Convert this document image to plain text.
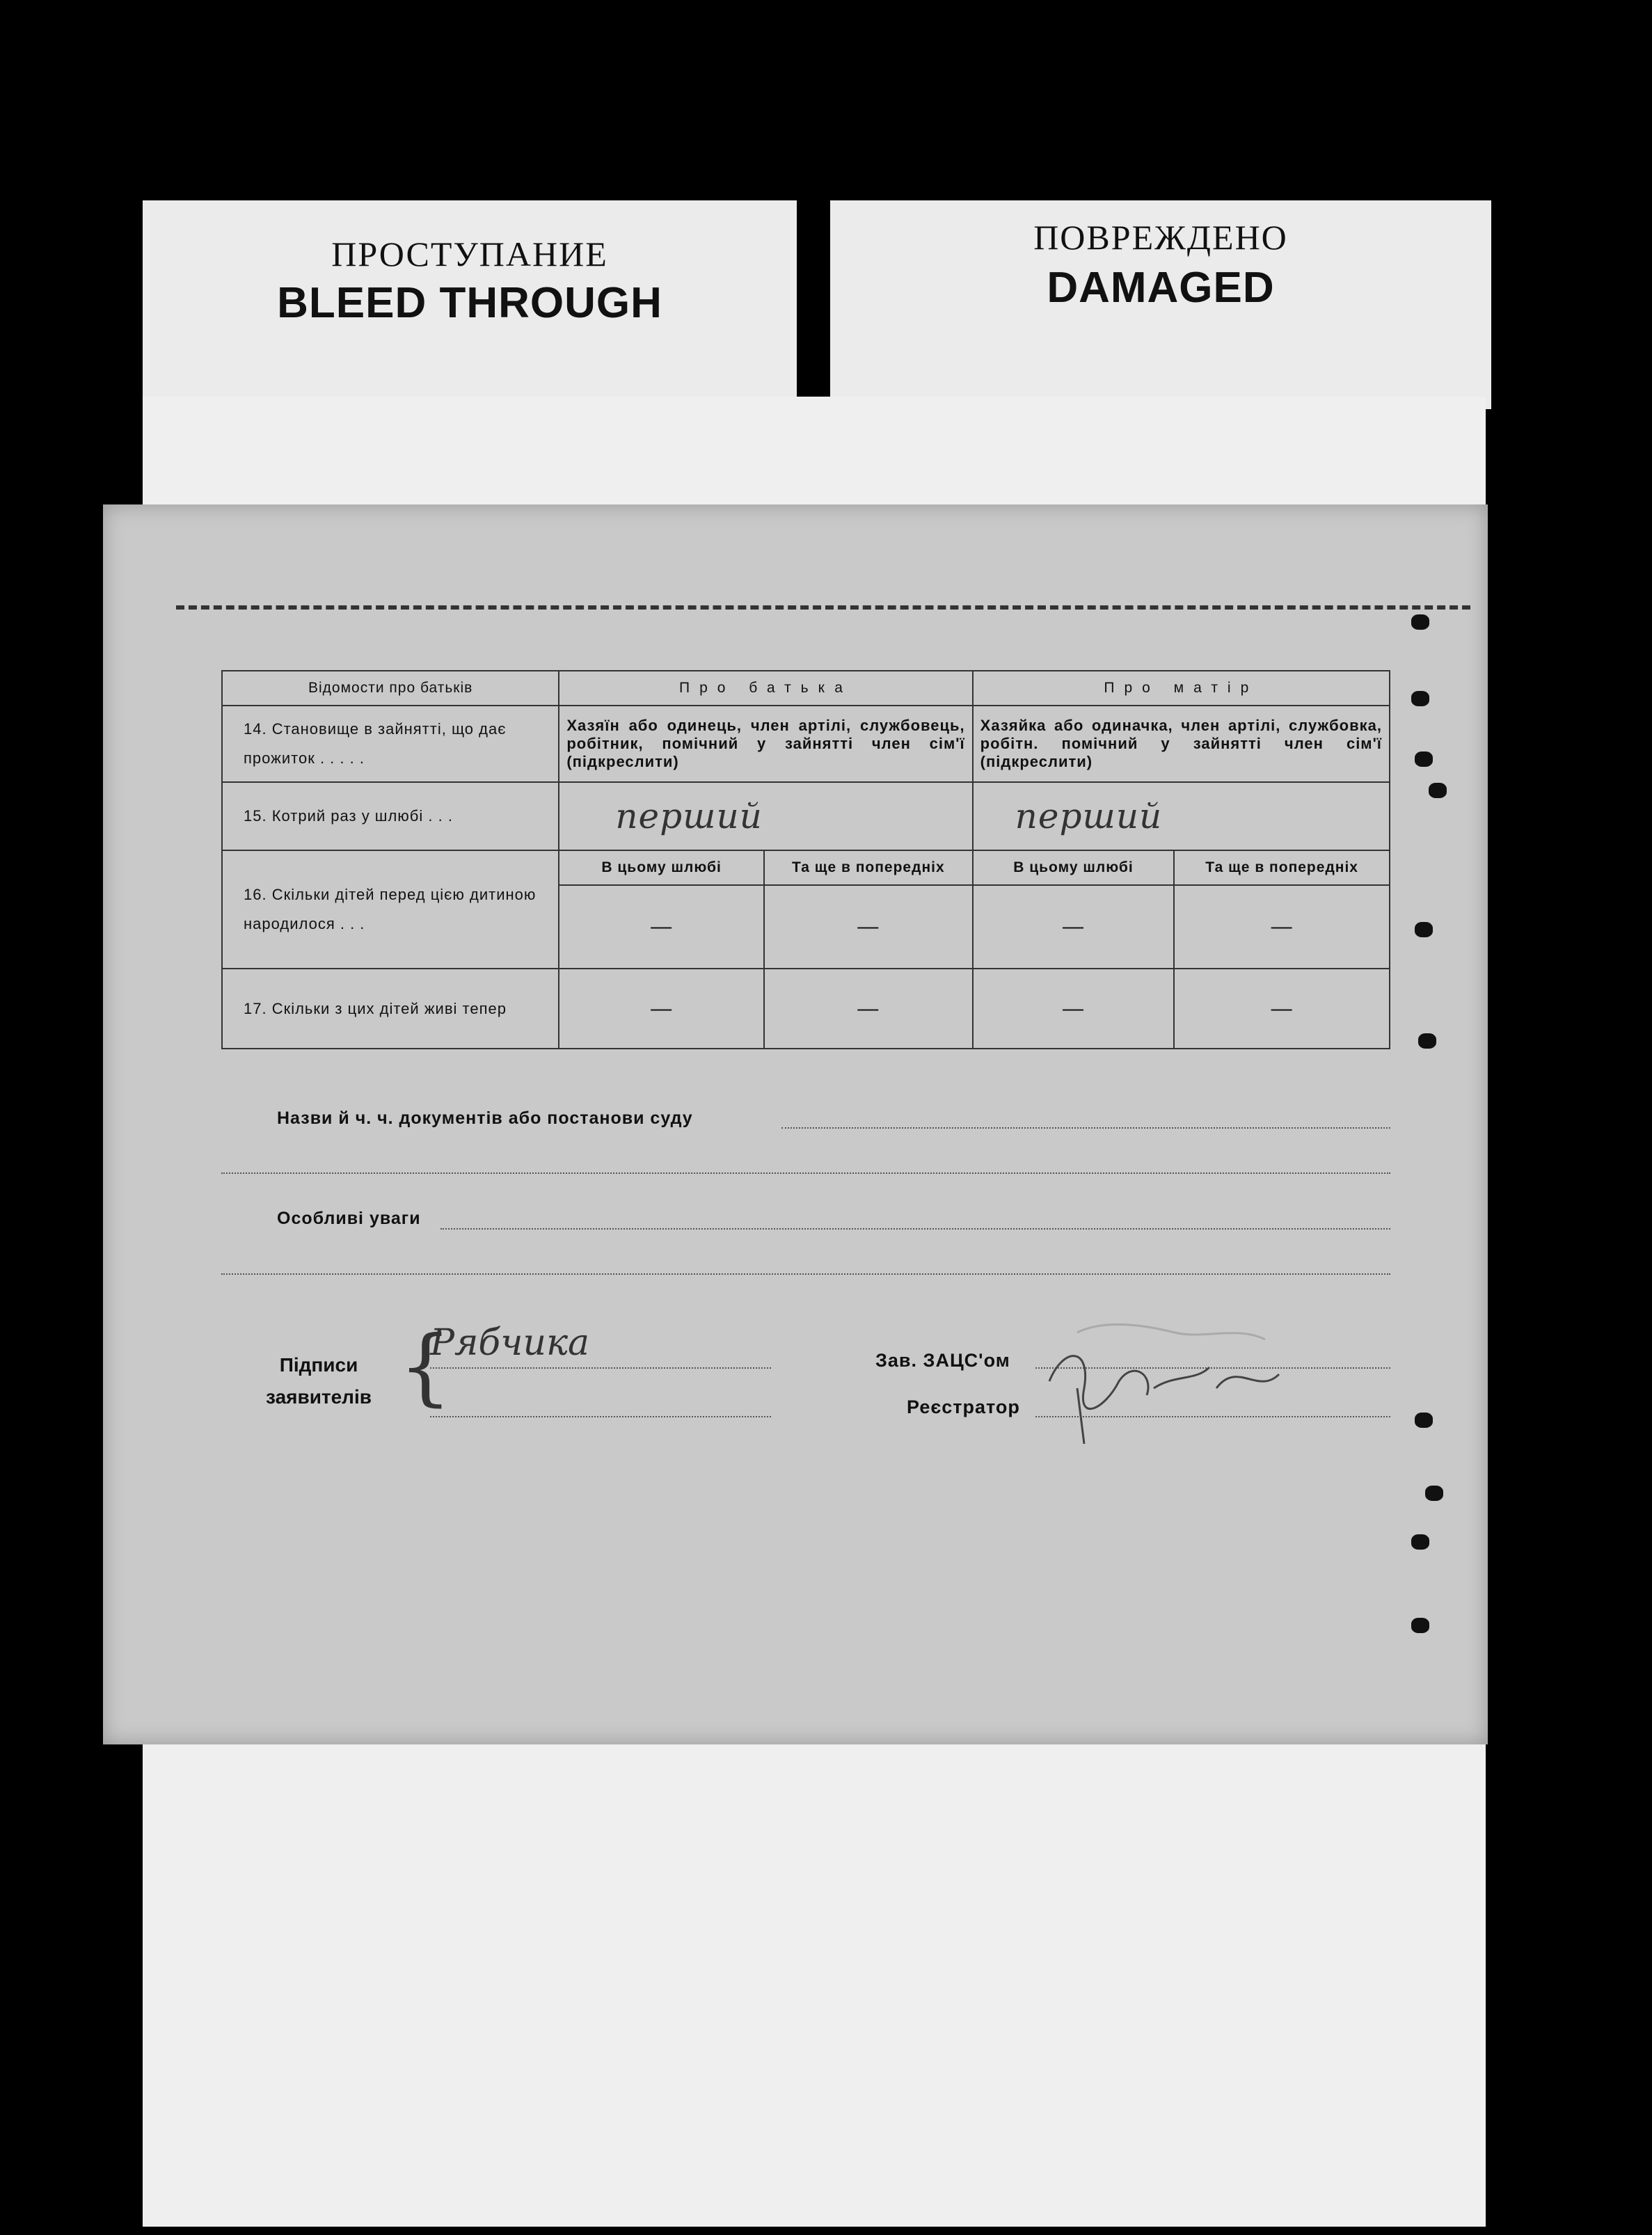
ПРОСТУПАНИЕ
BLEED THROUGH
ПОВРЕЖДЕНО
DAMAGED
Відомости про батьків	Про батька		Про матір	
14. Становище в зайнятті, що дає прожиток . . . . .	Хазяїн або одинець, член артілі, службовець, робітник, помічний у зайнятті член сім'ї (підкреслити)		Хазяйка або одиначка, член артілі, службовка, робітн. помічний у зайнятті член сім'ї (підкреслити)	
15. Котрий раз у шлюбі . . .	перший		перший	
16. Скільки дітей перед цією дитиною народилося . . .	В цьому шлюбі	Та ще в попередніх	В цьому шлюбі	Та ще в попередніх
	—	—	—	—
17. Скільки з цих дітей живі тепер	—	—	—	—
Назви й ч. ч. документів або постанови суду
Особливі уваги
Підписи заявителів {
Рябчика	Зав. ЗАЦС'ом
Реєстратор
